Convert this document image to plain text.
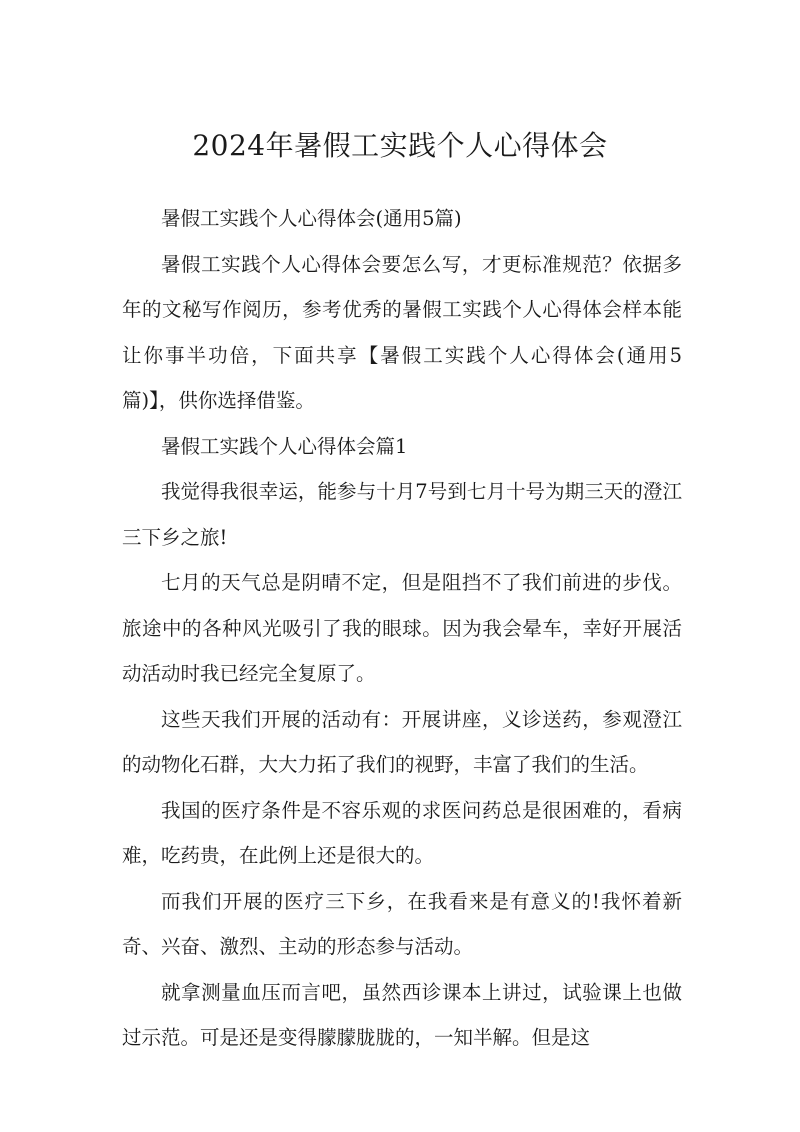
2024年暑假工实践个人心得体会

暑假工实践个人心得体会(通用5篇)

暑假工实践个人心得体会要怎么写，才更标准规范？依据多年的文秘写作阅历，参考优秀的暑假工实践个人心得体会样本能让你事半功倍，下面共享【暑假工实践个人心得体会(通用5篇)】，供你选择借鉴。

暑假工实践个人心得体会篇1

我觉得我很幸运，能参与十月7号到七月十号为期三天的澄江三下乡之旅!

七月的天气总是阴晴不定，但是阻挡不了我们前进的步伐。旅途中的各种风光吸引了我的眼球。因为我会晕车，幸好开展活动活动时我已经完全复原了。

这些天我们开展的活动有：开展讲座，义诊送药，参观澄江的动物化石群，大大力拓了我们的视野，丰富了我们的生活。

我国的医疗条件是不容乐观的求医问药总是很困难的，看病难，吃药贵，在此例上还是很大的。

而我们开展的医疗三下乡，在我看来是有意义的!我怀着新奇、兴奋、激烈、主动的形态参与活动。

就拿测量血压而言吧，虽然西诊课本上讲过，试验课上也做过示范。可是还是变得朦朦胧胧的，一知半解。但是这
